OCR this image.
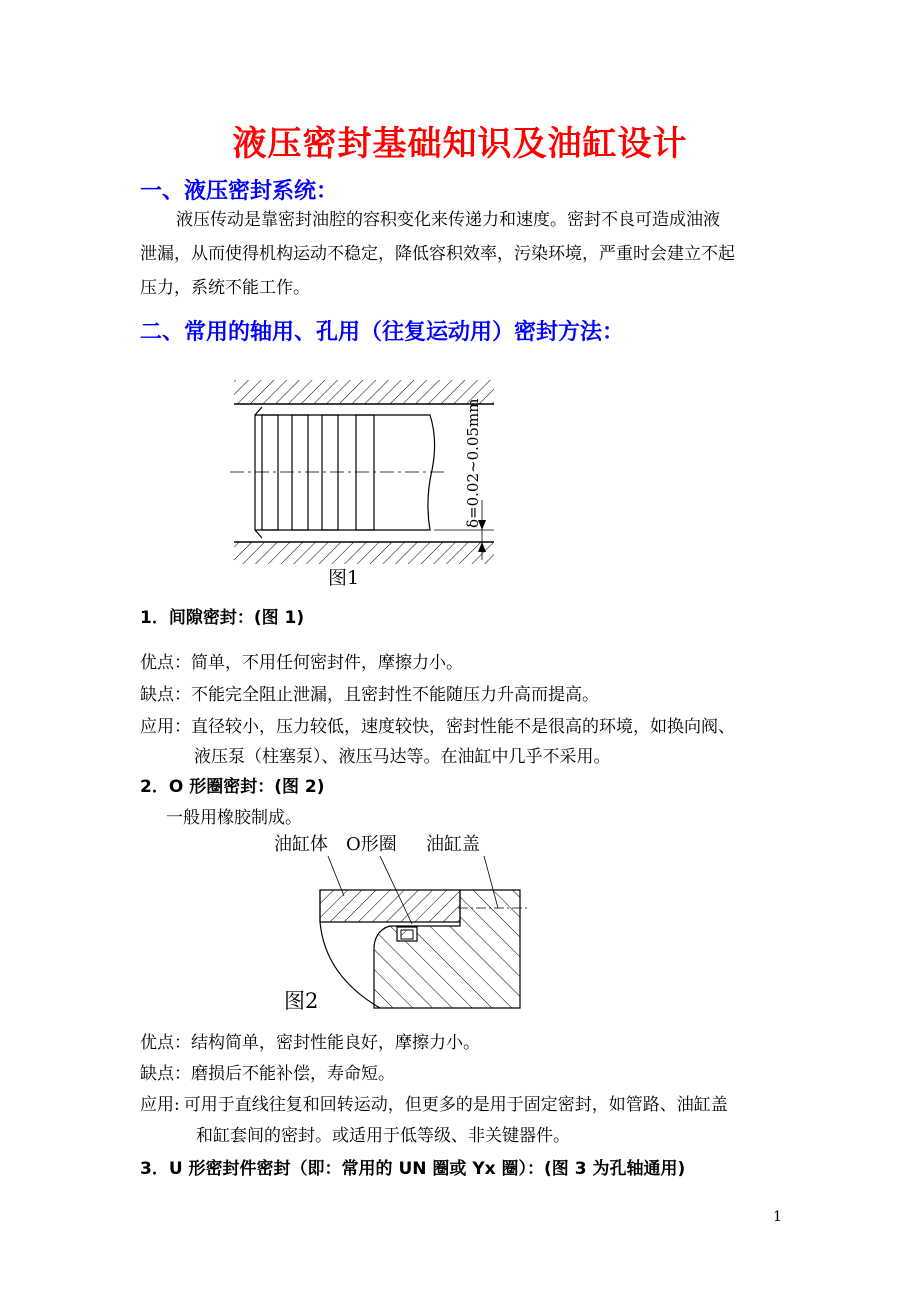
液压密封基础知识及油缸设计
一、液压密封系统：
液压传动是靠密封油腔的容积变化来传递力和速度。密封不良可造成油液
泄漏，从而使得机构运动不稳定，降低容积效率，污染环境，严重时会建立不起
压力，系统不能工作。
二、常用的轴用、孔用（往复运动用）密封方法：
δ=0.02~0.05mm
图1
1．间隙密封：(图 1)
优点：简单，不用任何密封件，摩擦力小。
缺点：不能完全阻止泄漏，且密封性不能随压力升高而提高。
应用：直径较小，压力较低，速度较快，密封性能不是很高的环境，如换向阀、
液压泵（柱塞泵）、液压马达等。在油缸中几乎不采用。
2．O 形圈密封：(图 2)
一般用橡胶制成。
油缸体 O形圈 油缸盖
图2
优点：结构简单，密封性能良好，摩擦力小。
缺点：磨损后不能补偿，寿命短。
应用: 可用于直线往复和回转运动，但更多的是用于固定密封，如管路、油缸盖
和缸套间的密封。或适用于低等级、非关键器件。
3．U 形密封件密封（即：常用的 UN 圈或 Yx 圈）：(图 3 为孔轴通用)
1
